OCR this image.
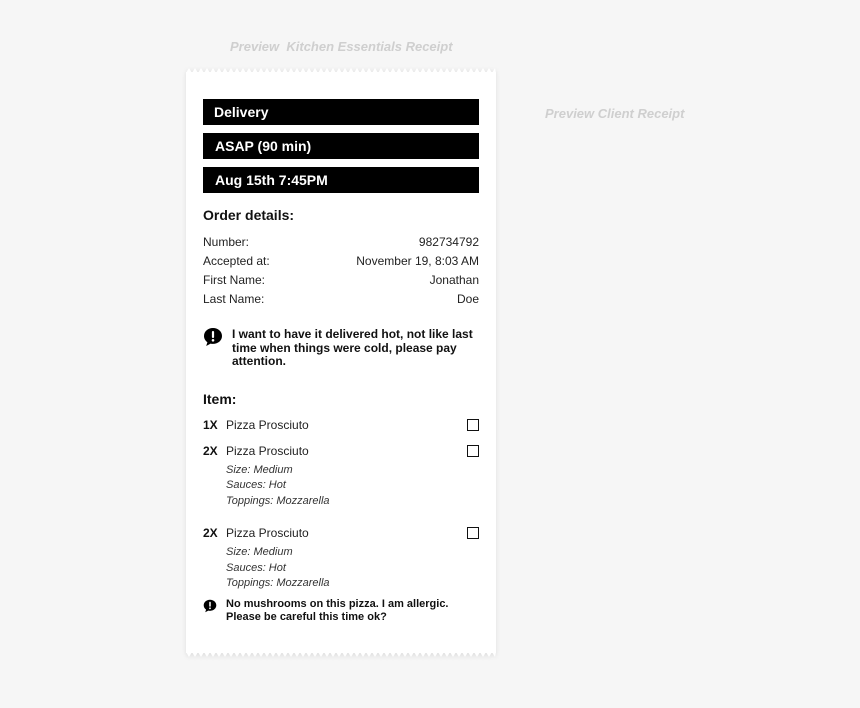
Preview  Kitchen Essentials Receipt
Preview Client Receipt
Delivery
ASAP (90 min)
Aug 15th 7:45PM
Order details:
Number:	982734792
Accepted at:	November 19, 8:03 AM
First Name:	Jonathan
Last Name:	Doe
I want to have it delivered hot, not like last time when things were cold, please pay attention.
Item:
1X Pizza Prosciuto
2X Pizza Prosciuto
Size: Medium
Sauces: Hot
Toppings: Mozzarella
2X Pizza Prosciuto
Size: Medium
Sauces: Hot
Toppings: Mozzarella
No mushrooms on this pizza. I am allergic. Please be careful this time ok?
